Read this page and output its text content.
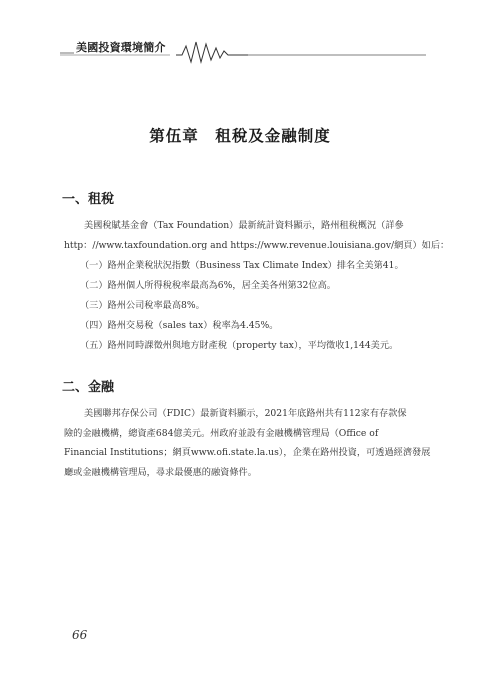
美國投資環境簡介
第伍章　租稅及金融制度
一、租稅
美國稅賦基金會（Tax Foundation）最新統計資料顯示，路州租稅概況（詳參
http：//www.taxfoundation.org and https://www.revenue.louisiana.gov/網頁）如后：
（一）路州企業稅狀況指數（Business Tax Climate Index）排名全美第41。
（二）路州個人所得稅稅率最高為6%，居全美各州第32位高。
（三）路州公司稅率最高8%。
（四）路州交易稅（sales tax）稅率為4.45%。
（五）路州同時課徵州與地方財產稅（property tax），平均徵收1,144美元。
二、金融
美國聯邦存保公司（FDIC）最新資料顯示，2021年底路州共有112家有存款保
險的金融機構，總資產684億美元。州政府並設有金融機構管理局（Office of
Financial Institutions；網頁www.ofi.state.la.us），企業在路州投資，可透過經濟發展
廳或金融機構管理局，尋求最優惠的融資條件。
66
